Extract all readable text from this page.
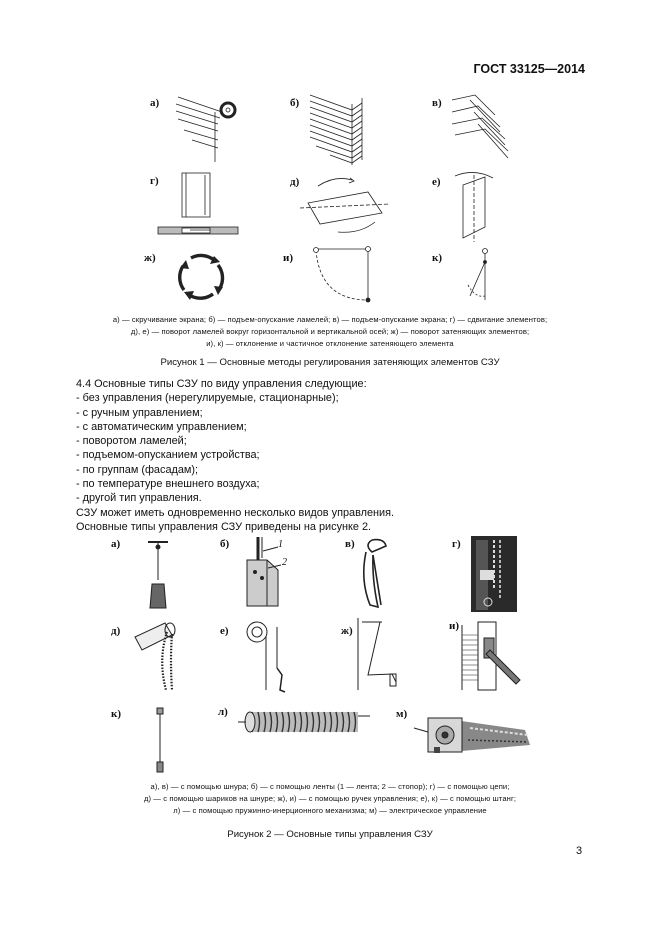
ГОСТ 33125—2014
а)	б)	в)
г)	д)	е)
ж)	и)	к)
а) — скручивание экрана; б) — подъем-опускание ламелей; в) — подъем-опускание экрана; г) — сдвигание элементов;
д), е) — поворот ламелей вокруг горизонтальной и вертикальной осей; ж) — поворот затеняющих элементов;
и), к) — отклонение и частичное отклонение затеняющего элемента
Рисунок 1 — Основные методы регулирования затеняющих элементов СЗУ
4.4 Основные типы СЗУ по виду управления следующие:
- без управления (нерегулируемые, стационарные);
- с ручным управлением;
- с автоматическим управлением;
- поворотом ламелей;
- подъемом-опусканием устройства;
- по группам (фасадам);
- по температуре внешнего воздуха;
- другой тип управления.
СЗУ может иметь одновременно несколько видов управления.
Основные типы управления СЗУ приведены на рисунке 2.
а)	б)	в)	г)
д)	е)	ж)	и)
к)	л)	м)
1
2
а), в) — с помощью шнура; б) — с помощью ленты (1 — лента; 2 — стопор); г) — с помощью цепи;
д) — с помощью шариков на шнуре; ж), и) — с помощью ручек управления; е), к) — с помощью штанг;
л) — с помощью пружинно-инерционного механизма; м) — электрическое управление
Рисунок 2 — Основные типы управления СЗУ
3
